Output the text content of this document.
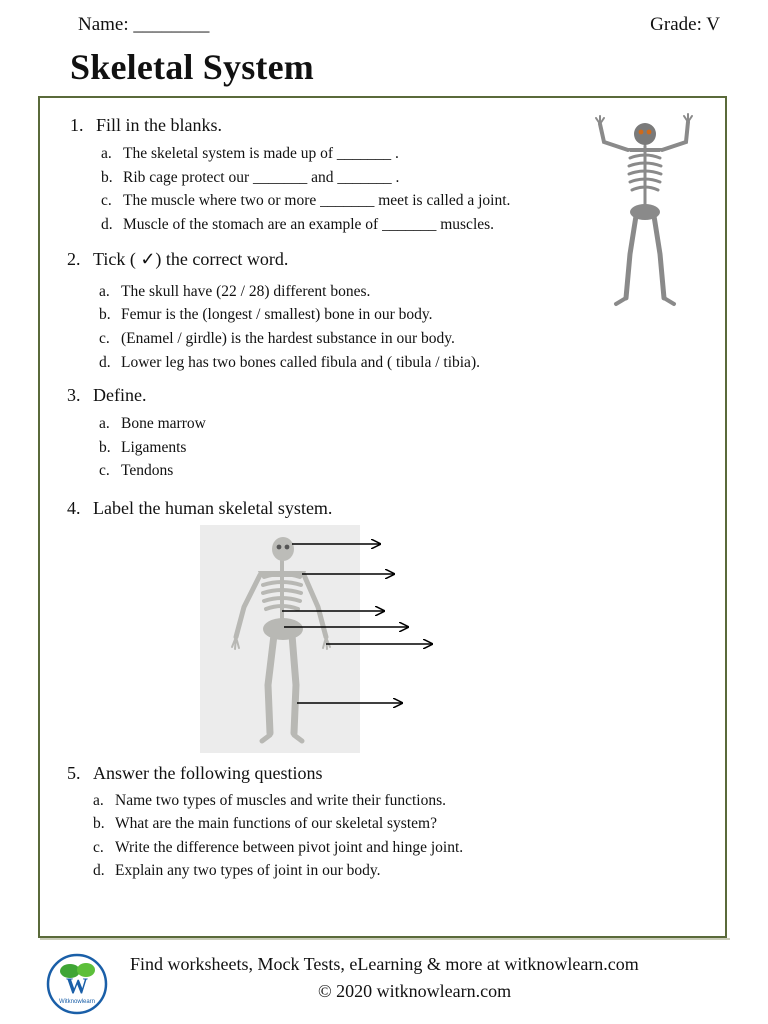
Name: ________	Grade: V
Skeletal System
1. Fill in the blanks.
a. The skeletal system is made up of _______ .
b. Rib cage protect our _______ and _______ .
c. The muscle where two or more _______ meet is called a joint.
d. Muscle of the stomach are an example of _______ muscles.
2. Tick ( ✓) the correct word.
a. The skull have (22 / 28) different bones.
b. Femur is the (longest / smallest) bone in our body.
c. (Enamel / girdle) is the hardest substance in our body.
d. Lower leg has two bones called fibula and ( tibula / tibia).
3. Define.
a. Bone marrow
b. Ligaments
c. Tendons
4. Label the human skeletal system.
5. Answer the following questions
a. Name two types of muscles and write their functions.
b. What are the main functions of our skeletal system?
c. Write the difference between pivot joint and hinge joint.
d. Explain any two types of joint in our body.
W
Witknowlearn
Find worksheets, Mock Tests, eLearning & more at witknowlearn.com
© 2020 witknowlearn.com
